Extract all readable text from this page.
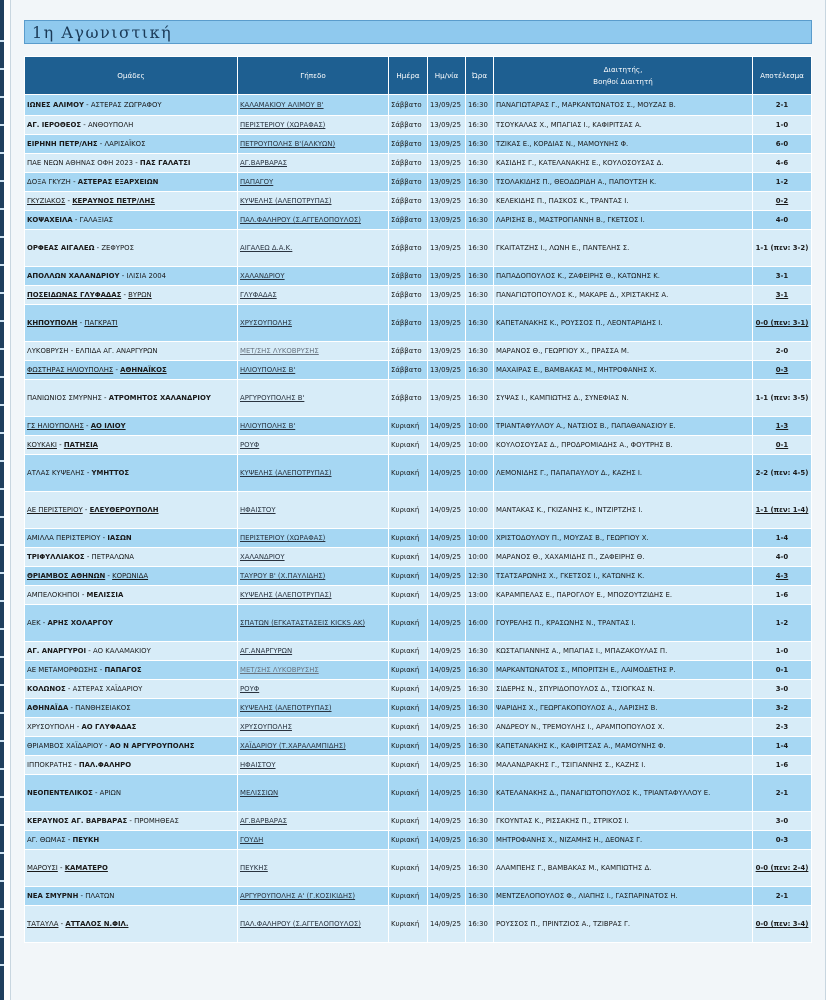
1η Αγωνιστική
Ομάδες	Γήπεδο	Ημέρα	Ημ/νία	Ώρα	Διαιτητής,
Βοηθοί Διαιτητή	Αποτέλεσμα
ΙΩΝΕΣ ΑΛΙΜΟΥ - ΑΣΤΕΡΑΣ ΖΩΓΡΑΦΟΥ	ΚΑΛΑΜΑΚΙΟΥ ΑΛΙΜΟΥ Β'	Σάββατο	13/09/25	16:30	ΠΑΝΑΓΙΩΤΑΡΑΣ Γ., ΜΑΡΚΑΝΤΩΝΑΤΟΣ Σ., ΜΟΥΖΑΣ Β.	2-1
ΑΓ. ΙΕΡΟΘΕΟΣ - ΑΝΘΟΥΠΟΛΗ	ΠΕΡΙΣΤΕΡΙΟΥ (ΧΩΡΑΦΑΣ)	Σάββατο	13/09/25	16:30	ΤΣΟΥΚΑΛΑΣ Χ., ΜΠΑΓΙΑΣ Ι., ΚΑΦΙΡΙΤΣΑΣ Α.	1-0
ΕΙΡΗΝΗ ΠΕΤΡ/ΛΗΣ - ΛΑΡΙΣΑΪΚΟΣ	ΠΕΤΡΟΥΠΟΛΗΣ Β'(ΑΛΚΥΩΝ)	Σάββατο	13/09/25	16:30	ΤΖΙΚΑΣ Ε., ΚΟΡΔΙΑΣ Ν., ΜΑΜΟΥΝΗΣ Φ.	6-0
ΠΑΕ ΝΕΩΝ ΑΘΗΝΑΣ ΟΦΗ 2023 - ΠΑΣ ΓΑΛΑΤΣΙ	ΑΓ.ΒΑΡΒΑΡΑΣ	Σάββατο	13/09/25	16:30	ΚΑΣΙΔΗΣ Γ., ΚΑΤΕΛΑΝΑΚΗΣ Ε., ΚΟΥΛΟΣΟΥΣΑΣ Δ.	4-6
ΔΟΞΑ ΓΚΥΖΗ - ΑΣΤΕΡΑΣ ΕΞΑΡΧΕΙΩΝ	ΠΑΠΑΓΟΥ	Σάββατο	13/09/25	16:30	ΤΣΟΛΑΚΙΔΗΣ Π., ΘΕΟΔΩΡΙΔΗ Α., ΠΑΠΟΥΤΣΗ Κ.	1-2
ΓΚΥΖΙΑΚΟΣ - ΚΕΡΑΥΝΟΣ ΠΕΤΡ/ΛΗΣ	ΚΥΨΕΛΗΣ (ΑΛΕΠΟΤΡΥΠΑΣ)	Σάββατο	13/09/25	16:30	ΚΕΛΕΚΙΔΗΣ Π., ΠΑΣΚΟΣ Κ., ΤΡΑΝΤΑΣ Ι.	0-2
ΚΟΨΑΧΕΙΛΑ - ΓΑΛΑΞΙΑΣ	ΠΑΛ.ΦΑΛΗΡΟΥ (Σ.ΑΓΓΕΛΟΠΟΥΛΟΣ)	Σάββατο	13/09/25	16:30	ΛΑΡΙΣΗΣ Β., ΜΑΣΤΡΟΓΙΑΝΝΗ Β., ΓΚΕΤΣΟΣ Ι.	4-0
ΟΡΦΕΑΣ ΑΙΓΑΛΕΩ - ΖΕΦΥΡΟΣ	ΑΙΓΑΛΕΩ Δ.Α.Κ.	Σάββατο	13/09/25	16:30	ΓΚΑΙΤΑΤΖΗΣ Ι., ΛΩΝΗ Ε., ΠΑΝΤΕΛΗΣ Σ.	1-1 (πεν: 3-2)
ΑΠΟΛΛΩΝ ΧΑΛΑΝΔΡΙΟΥ - ΙΛΙΣΙΑ 2004	ΧΑΛΑΝΔΡΙΟΥ	Σάββατο	13/09/25	16:30	ΠΑΠΑΔΟΠΟΥΛΟΣ Κ., ΖΑΦΕΙΡΗΣ Θ., ΚΑΤΩΝΗΣ Κ.	3-1
ΠΟΣΕΙΔΩΝΑΣ ΓΛΥΦΑΔΑΣ - ΒΥΡΩΝ	ΓΛΥΦΑΔΑΣ	Σάββατο	13/09/25	16:30	ΠΑΝΑΓΙΩΤΟΠΟΥΛΟΣ Κ., ΜΑΚΑΡΕ Δ., ΧΡΙΣΤΑΚΗΣ Α.	3-1
ΚΗΠΟΥΠΟΛΗ - ΠΑΓΚΡΑΤΙ	ΧΡΥΣΟΥΠΟΛΗΣ	Σάββατο	13/09/25	16:30	ΚΑΠΕΤΑΝΑΚΗΣ Κ., ΡΟΥΣΣΟΣ Π., ΛΕΟΝΤΑΡΙΔΗΣ Ι.	0-0 (πεν: 3-1)
ΛΥΚΟΒΡΥΣΗ - ΕΛΠΙΔΑ ΑΓ. ΑΝΑΡΓΥΡΩΝ	ΜΕΤ/ΣΗΣ ΛΥΚΟΒΡΥΣΗΣ	Σάββατο	13/09/25	16:30	ΜΑΡΑΝΟΣ Θ., ΓΕΩΡΓΙΟΥ Χ., ΠΡΑΣΣΑ Μ.	2-0
ΦΩΣΤΗΡΑΣ ΗΛΙΟΥΠΟΛΗΣ - ΑΘΗΝΑΪΚΟΣ	ΗΛΙΟΥΠΟΛΗΣ Β'	Σάββατο	13/09/25	16:30	ΜΑΧΑΙΡΑΣ Ε., ΒΑΜΒΑΚΑΣ Μ., ΜΗΤΡΟΦΑΝΗΣ Χ.	0-3
ΠΑΝΙΩΝΙΟΣ ΣΜΥΡΝΗΣ - ΑΤΡΟΜΗΤΟΣ ΧΑΛΑΝΔΡΙΟΥ	ΑΡΓΥΡΟΥΠΟΛΗΣ Β'	Σάββατο	13/09/25	16:30	ΣΥΨΑΣ Ι., ΚΑΜΠΙΩΤΗΣ Δ., ΣΥΝΕΦΙΑΣ Ν.	1-1 (πεν: 3-5)
ΓΣ ΗΛΙΟΥΠΟΛΗΣ - ΑΟ ΙΛΙΟΥ	ΗΛΙΟΥΠΟΛΗΣ Β'	Κυριακή	14/09/25	10:00	ΤΡΙΑΝΤΑΦΥΛΛΟΥ Α., ΝΑΤΣΙΟΣ Β., ΠΑΠΑΘΑΝΑΣΙΟΥ Ε.	1-3
ΚΟΥΚΑΚΙ - ΠΑΤΗΣΙΑ	ΡΟΥΦ	Κυριακή	14/09/25	10:00	ΚΟΥΛΟΣΟΥΣΑΣ Δ., ΠΡΟΔΡΟΜΙΑΔΗΣ Α., ΦΟΥΤΡΗΣ Β.	0-1
ΑΤΛΑΣ ΚΥΨΕΛΗΣ - ΥΜΗΤΤΟΣ	ΚΥΨΕΛΗΣ (ΑΛΕΠΟΤΡΥΠΑΣ)	Κυριακή	14/09/25	10:00	ΛΕΜΟΝΙΔΗΣ Γ., ΠΑΠΑΠΑΥΛΟΥ Δ., ΚΑΖΗΣ Ι.	2-2 (πεν: 4-5)
ΑΕ ΠΕΡΙΣΤΕΡΙΟΥ - ΕΛΕΥΘΕΡΟΥΠΟΛΗ	ΗΦΑΙΣΤΟΥ	Κυριακή	14/09/25	10:00	ΜΑΝΤΑΚΑΣ Κ., ΓΚΙΖΑΝΗΣ Κ., ΙΝΤΖΙΡΤΖΗΣ Ι.	1-1 (πεν: 1-4)
ΑΜΙΛΛΑ ΠΕΡΙΣΤΕΡΙΟΥ - ΙΑΣΩΝ	ΠΕΡΙΣΤΕΡΙΟΥ (ΧΩΡΑΦΑΣ)	Κυριακή	14/09/25	10:00	ΧΡΙΣΤΟΔΟΥΛΟΥ Π., ΜΟΥΖΑΣ Β., ΓΕΩΡΓΙΟΥ Χ.	1-4
ΤΡΙΦΥΛΛΙΑΚΟΣ - ΠΕΤΡΑΛΩΝΑ	ΧΑΛΑΝΔΡΙΟΥ	Κυριακή	14/09/25	10:00	ΜΑΡΑΝΟΣ Θ., ΧΑΧΑΜΙΔΗΣ Π., ΖΑΦΕΙΡΗΣ Θ.	4-0
ΘΡΙΑΜΒΟΣ ΑΘΗΝΩΝ - ΚΟΡΩΝΙΔΑ	ΤΑΥΡΟΥ Β' (Χ.ΠΑΥΛΙΔΗΣ)	Κυριακή	14/09/25	12:30	ΤΣΑΤΣΑΡΩΝΗΣ Χ., ΓΚΕΤΣΟΣ Ι., ΚΑΤΩΝΗΣ Κ.	4-3
ΑΜΠΕΛΟΚΗΠΟΙ - ΜΕΛΙΣΣΙΑ	ΚΥΨΕΛΗΣ (ΑΛΕΠΟΤΡΥΠΑΣ)	Κυριακή	14/09/25	13:00	ΚΑΡΑΜΠΕΛΑΣ Ε., ΠΑΡΟΓΛΟΥ Ε., ΜΠΟΖΟΥΤΖΙΔΗΣ Ε.	1-6
ΑΕΚ - ΑΡΗΣ ΧΟΛΑΡΓΟΥ	ΣΠΑΤΩΝ (ΕΓΚΑΤΑΣΤΑΣΕΙΣ KICKS AK)	Κυριακή	14/09/25	16:00	ΓΟΥΡΕΛΗΣ Π., ΚΡΑΣΩΝΗΣ Ν., ΤΡΑΝΤΑΣ Ι.	1-2
ΑΓ. ΑΝΑΡΓΥΡΟΙ - ΑΟ ΚΑΛΑΜΑΚΙΟΥ	ΑΓ.ΑΝΑΡΓΥΡΩΝ	Κυριακή	14/09/25	16:30	ΚΩΣΤΑΓΙΑΝΝΗΣ Α., ΜΠΑΓΙΑΣ Ι., ΜΠΑΖΑΚΟΥΛΑΣ Π.	1-0
ΑΕ ΜΕΤΑΜΟΡΦΩΣΗΣ - ΠΑΠΑΓΟΣ	ΜΕΤ/ΣΗΣ ΛΥΚΟΒΡΥΣΗΣ	Κυριακή	14/09/25	16:30	ΜΑΡΚΑΝΤΩΝΑΤΟΣ Σ., ΜΠΟΡΙΤΣΗ Ε., ΛΑΙΜΟΔΕΤΗΣ Ρ.	0-1
ΚΟΛΩΝΟΣ - ΑΣΤΕΡΑΣ ΧΑΪΔΑΡΙΟΥ	ΡΟΥΦ	Κυριακή	14/09/25	16:30	ΣΙΔΕΡΗΣ Ν., ΣΠΥΡΙΔΟΠΟΥΛΟΣ Δ., ΤΣΙΟΓΚΑΣ Ν.	3-0
ΑΘΗΝΑΪΔΑ - ΠΑΝΘΗΣΕΙΑΚΟΣ	ΚΥΨΕΛΗΣ (ΑΛΕΠΟΤΡΥΠΑΣ)	Κυριακή	14/09/25	16:30	ΨΑΡΙΔΗΣ Χ., ΓΕΩΡΓΑΚΟΠΟΥΛΟΣ Α., ΛΑΡΙΣΗΣ Β.	3-2
ΧΡΥΣΟΥΠΟΛΗ - ΑΟ ΓΛΥΦΑΔΑΣ	ΧΡΥΣΟΥΠΟΛΗΣ	Κυριακή	14/09/25	16:30	ΑΝΔΡΕΟΥ Ν., ΤΡΕΜΟΥΛΗΣ Ι., ΑΡΑΜΠΟΠΟΥΛΟΣ Χ.	2-3
ΘΡΙΑΜΒΟΣ ΧΑΪΔΑΡΙΟΥ - ΑΟ Ν ΑΡΓΥΡΟΥΠΟΛΗΣ	ΧΑΪΔΑΡΙΟΥ (Τ.ΧΑΡΑΛΑΜΠΙΔΗΣ)	Κυριακή	14/09/25	16:30	ΚΑΠΕΤΑΝΑΚΗΣ Κ., ΚΑΦΙΡΙΤΣΑΣ Α., ΜΑΜΟΥΝΗΣ Φ.	1-4
ΙΠΠΟΚΡΑΤΗΣ - ΠΑΛ.ΦΑΛΗΡΟ	ΗΦΑΙΣΤΟΥ	Κυριακή	14/09/25	16:30	ΜΑΛΑΝΔΡΑΚΗΣ Γ., ΤΣΙΓΙΑΝΝΗΣ Σ., ΚΑΖΗΣ Ι.	1-6
ΝΕΟΠΕΝΤΕΛΙΚΟΣ - ΑΡΙΩΝ	ΜΕΛΙΣΣΙΩΝ	Κυριακή	14/09/25	16:30	ΚΑΤΕΛΑΝΑΚΗΣ Δ., ΠΑΝΑΓΙΩΤΟΠΟΥΛΟΣ Κ., ΤΡΙΑΝΤΑΦΥΛΛΟΥ Ε.	2-1
ΚΕΡΑΥΝΟΣ ΑΓ. ΒΑΡΒΑΡΑΣ - ΠΡΟΜΗΘΕΑΣ	ΑΓ.ΒΑΡΒΑΡΑΣ	Κυριακή	14/09/25	16:30	ΓΚΟΥΝΤΑΣ Κ., ΡΙΣΣΑΚΗΣ Π., ΣΤΡΙΚΟΣ Ι.	3-0
ΑΓ. ΘΩΜΑΣ - ΠΕΥΚΗ	ΓΟΥΔΗ	Κυριακή	14/09/25	16:30	ΜΗΤΡΟΦΑΝΗΣ Χ., ΝΙΖΑΜΗΣ Η., ΔΕΟΝΑΣ Γ.	0-3
ΜΑΡΟΥΣΙ - ΚΑΜΑΤΕΡΟ	ΠΕΥΚΗΣ	Κυριακή	14/09/25	16:30	ΑΛΑΜΠΕΗΣ Γ., ΒΑΜΒΑΚΑΣ Μ., ΚΑΜΠΙΩΤΗΣ Δ.	0-0 (πεν: 2-4)
ΝΕΑ ΣΜΥΡΝΗ - ΠΛΑΤΩΝ	ΑΡΓΥΡΟΥΠΟΛΗΣ Α' (Γ.ΚΟΣΙΚΙΔΗΣ)	Κυριακή	14/09/25	16:30	ΜΕΝΤΖΕΛΟΠΟΥΛΟΣ Φ., ΛΙΑΠΗΣ Ι., ΓΑΣΠΑΡΙΝΑΤΟΣ Η.	2-1
ΤΑΤΑΥΛΑ - ΑΤΤΑΛΟΣ Ν.ΦΙΛ.	ΠΑΛ.ΦΑΛΗΡΟΥ (Σ.ΑΓΓΕΛΟΠΟΥΛΟΣ)	Κυριακή	14/09/25	16:30	ΡΟΥΣΣΟΣ Π., ΠΡΙΝΤΖΙΟΣ Α., ΤΖΙΒΡΑΣ Γ.	0-0 (πεν: 3-4)
